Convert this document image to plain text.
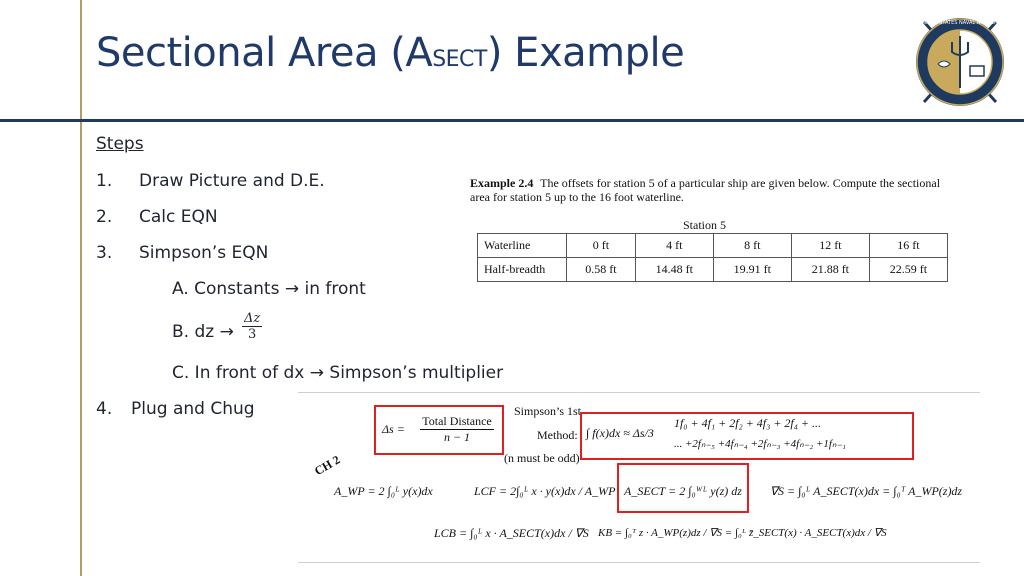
Sectional Area (ASECT) Example
UNITED STATES NAVAL ACADEMY
Steps
1. Draw Picture and D.E.
2. Calc EQN
3. Simpson’s EQN
A. Constants → in front
B. dz → $\frac{\Delta z}{3}$
C. In front of dx → Simpson’s multiplier
4. Plug and Chug
Example 2.4 The offsets for station 5 of a particular ship are given below. Compute the sectional area for station 5 up to the 16 foot waterline.
Station 5
Waterline	0 ft	4 ft	8 ft	12 ft	16 ft
Half-breadth	0.58 ft	14.48 ft	19.91 ft	21.88 ft	22.59 ft
CH 2
Δs =
Total Distance
n − 1
Simpson’s 1st
Method:
(n must be odd)
∫ f(x)dx ≈ Δs/3
1f₀ + 4f₁ + 2f₂ + 4f₃ + 2f₄ + ...
... +2fₙ₋₅ +4fₙ₋₄ +2fₙ₋₃ +4fₙ₋₂ +1fₙ₋₁
A_WP = 2 ∫₀ᴸ y(x)dx	LCF = 2∫₀ᴸ x · y(x)dx / A_WP A_SECT = 2 ∫₀ᵂᴸ y(z) dz ∇S = ∫₀ᴸ A_SECT(x)dx = ∫₀ᵀ A_WP(z)dz
LCB = ∫₀ᴸ x · A_SECT(x)dx / ∇S KB = ∫₀ᵀ z · A_WP(z)dz / ∇S = ∫₀ᴸ z̄_SECT(x) · A_SECT(x)dx / ∇S
